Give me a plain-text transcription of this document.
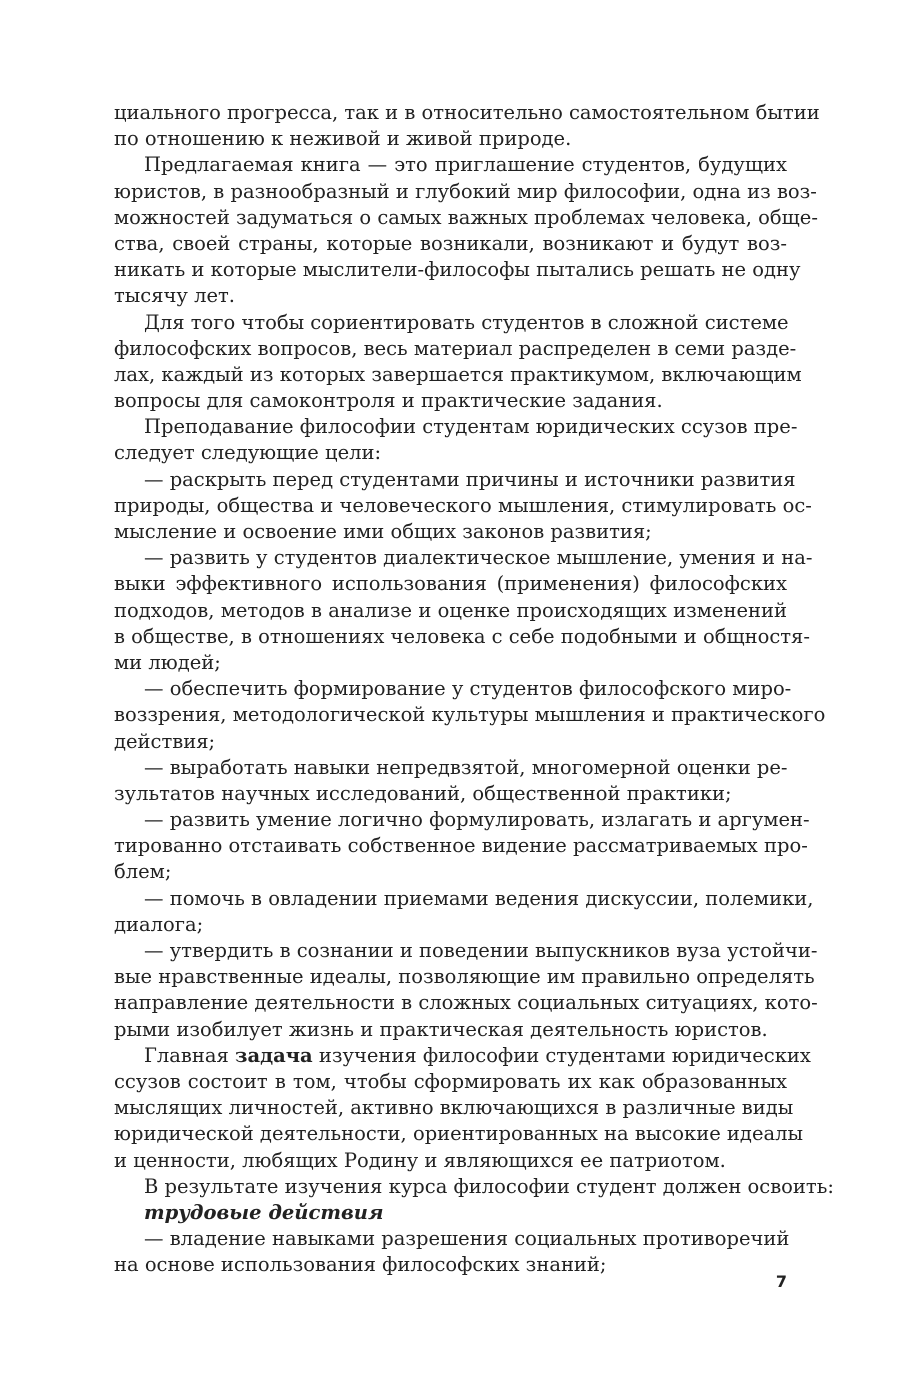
циального прогресса, так и в относительно самостоятельном бытии
по отношению к неживой и живой природе.
Предлагаемая книга — это приглашение студентов, будущих
юристов, в разнообразный и глубокий мир философии, одна из воз-
можностей задуматься о самых важных проблемах человека, обще-
ства, своей страны, которые возникали, возникают и будут воз-
никать и которые мыслители-философы пытались решать не одну
тысячу лет.
Для того чтобы сориентировать студентов в сложной системе
философских вопросов, весь материал распределен в семи разде-
лах, каждый из которых завершается практикумом, включающим
вопросы для самоконтроля и практические задания.
Преподавание философии студентам юридических ссузов пре-
следует следующие цели:
— раскрыть перед студентами причины и источники развития
природы, общества и человеческого мышления, стимулировать ос-
мысление и освоение ими общих законов развития;
— развить у студентов диалектическое мышление, умения и на-
выки эффективного использования (применения) философских
подходов, методов в анализе и оценке происходящих изменений
в обществе, в отношениях человека с себе подобными и общностя-
ми людей;
— обеспечить формирование у студентов философского миро-
воззрения, методологической культуры мышления и практического
действия;
— выработать навыки непредвзятой, многомерной оценки ре-
зультатов научных исследований, общественной практики;
— развить умение логично формулировать, излагать и аргумен-
тированно отстаивать собственное видение рассматриваемых про-
блем;
— помочь в овладении приемами ведения дискуссии, полемики,
диалога;
— утвердить в сознании и поведении выпускников вуза устойчи-
вые нравственные идеалы, позволяющие им правильно определять
направление деятельности в сложных социальных ситуациях, кото-
рыми изобилует жизнь и практическая деятельность юристов.
Главная задача изучения философии студентами юридических
ссузов состоит в том, чтобы сформировать их как образованных
мыслящих личностей, активно включающихся в различные виды
юридической деятельности, ориентированных на высокие идеалы
и ценности, любящих Родину и являющихся ее патриотом.
В результате изучения курса философии студент должен освоить:
трудовые действия
— владение навыками разрешения социальных противоречий
на основе использования философских знаний;
7
